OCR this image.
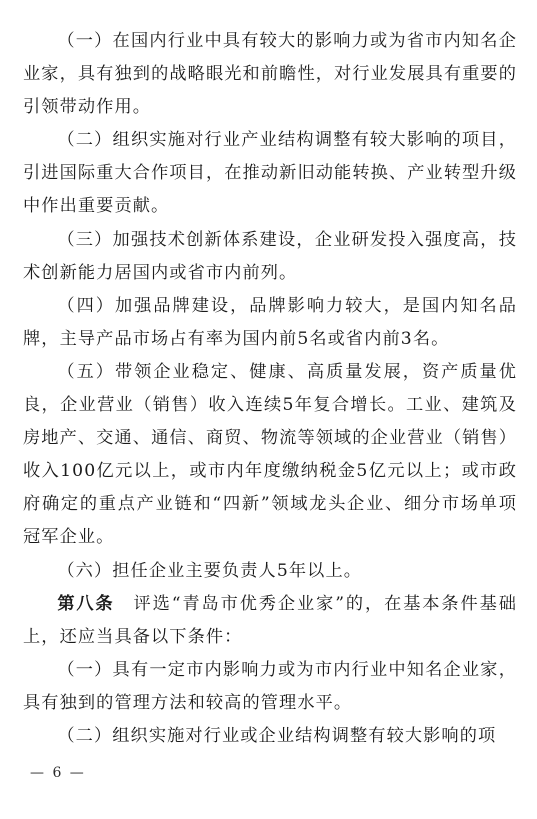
（一）在国内行业中具有较大的影响力或为省市内知名企业家，具有独到的战略眼光和前瞻性，对行业发展具有重要的引领带动作用。

（二）组织实施对行业产业结构调整有较大影响的项目，引进国际重大合作项目，在推动新旧动能转换、产业转型升级中作出重要贡献。

（三）加强技术创新体系建设，企业研发投入强度高，技术创新能力居国内或省市内前列。

（四）加强品牌建设，品牌影响力较大，是国内知名品牌，主导产品市场占有率为国内前5名或省内前3名。

（五）带领企业稳定、健康、高质量发展，资产质量优良，企业营业（销售）收入连续5年复合增长。工业、建筑及房地产、交通、通信、商贸、物流等领域的企业营业（销售）收入100亿元以上，或市内年度缴纳税金5亿元以上；或市政府确定的重点产业链和“四新”领域龙头企业、细分市场单项冠军企业。

（六）担任企业主要负责人5年以上。

第八条　评选“青岛市优秀企业家”的，在基本条件基础上，还应当具备以下条件：

（一）具有一定市内影响力或为市内行业中知名企业家，具有独到的管理方法和较高的管理水平。

（二）组织实施对行业或企业结构调整有较大影响的项

— 6 —
